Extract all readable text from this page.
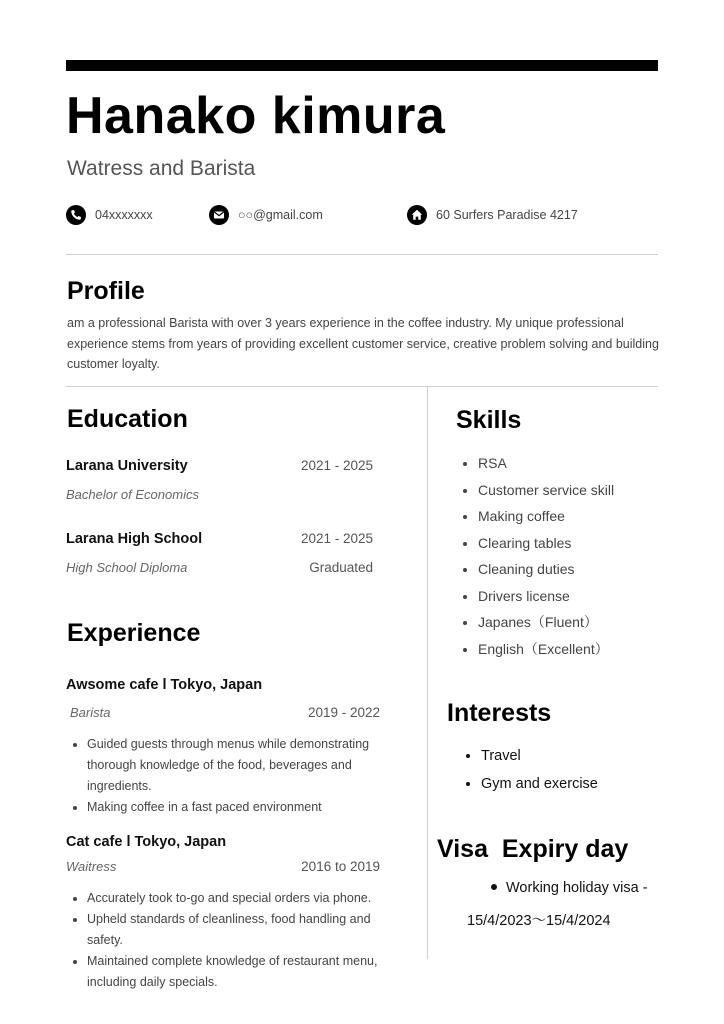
Hanako kimura
Watress and Barista
04xxxxxxx	○○@gmail.com	60 Surfers Paradise 4217
Profile
am a professional Barista with over 3 years experience in the coffee industry. My unique professional experience stems from years of providing excellent customer service, creative problem solving and building customer loyalty.
Education
Larana University	2021 - 2025
Bachelor of Economics
Larana High School	2021 - 2025
High School Diploma	Graduated
Experience
Awsome cafe l Tokyo, Japan
Barista	2019 - 2022
• Guided guests through menus while demonstrating thorough knowledge of the food, beverages and ingredients.
• Making coffee in a fast paced environment
Cat cafe l Tokyo, Japan
Waitress	2016 to 2019
• Accurately took to-go and special orders via phone.
• Upheld standards of cleanliness, food handling and safety.
• Maintained complete knowledge of restaurant menu, including daily specials.
Skills
• RSA
• Customer service skill
• Making coffee
• Clearing tables
• Cleaning duties
• Drivers license
• Japanes（Fluent）
• English（Excellent）
Interests
• Travel
• Gym and exercise
Visa  Expiry day
Working holiday visa -
15/4/2023～15/4/2024
